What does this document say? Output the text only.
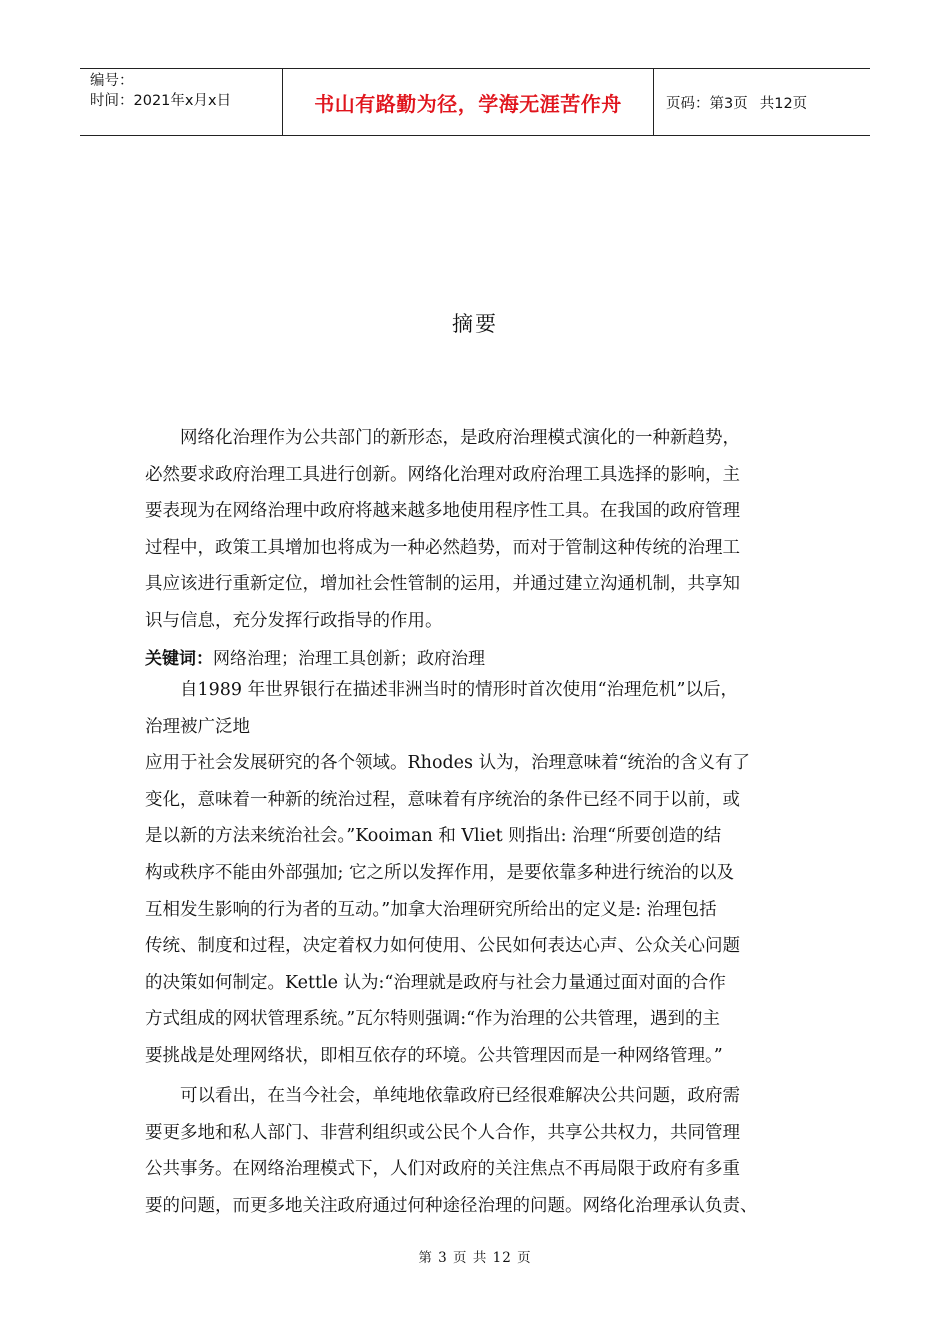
编号：
时间：2021年x月x日	书山有路勤为径，学海无涯苦作舟	页码：第3页 共12页
摘要
　　网络化治理作为公共部门的新形态，是政府治理模式演化的一种新趋势，
必然要求政府治理工具进行创新。网络化治理对政府治理工具选择的影响，主
要表现为在网络治理中政府将越来越多地使用程序性工具。在我国的政府管理
过程中，政策工具增加也将成为一种必然趋势，而对于管制这种传统的治理工
具应该进行重新定位，增加社会性管制的运用，并通过建立沟通机制，共享知
识与信息，充分发挥行政指导的作用。
关键词：网络治理；治理工具创新；政府治理
　　自1989 年世界银行在描述非洲当时的情形时首次使用“治理危机”以后，
治理被广泛地
应用于社会发展研究的各个领域。Rhodes 认为，治理意味着“统治的含义有了
变化，意味着一种新的统治过程，意味着有序统治的条件已经不同于以前，或
是以新的方法来统治社会。”Kooiman 和 Vliet 则指出: 治理“所要创造的结
构或秩序不能由外部强加; 它之所以发挥作用，是要依靠多种进行统治的以及
互相发生影响的行为者的互动。”加拿大治理研究所给出的定义是: 治理包括
传统、制度和过程，决定着权力如何使用、公民如何表达心声、公众关心问题
的决策如何制定。Kettle 认为:“治理就是政府与社会力量通过面对面的合作
方式组成的网状管理系统。”瓦尔特则强调:“作为治理的公共管理，遇到的主
要挑战是处理网络状，即相互依存的环境。公共管理因而是一种网络管理。”
　　可以看出，在当今社会，单纯地依靠政府已经很难解决公共问题，政府需
要更多地和私人部门、非营利组织或公民个人合作，共享公共权力，共同管理
公共事务。在网络治理模式下，人们对政府的关注焦点不再局限于政府有多重
要的问题，而更多地关注政府通过何种途径治理的问题。网络化治理承认负责、
第 3 页 共 12 页
